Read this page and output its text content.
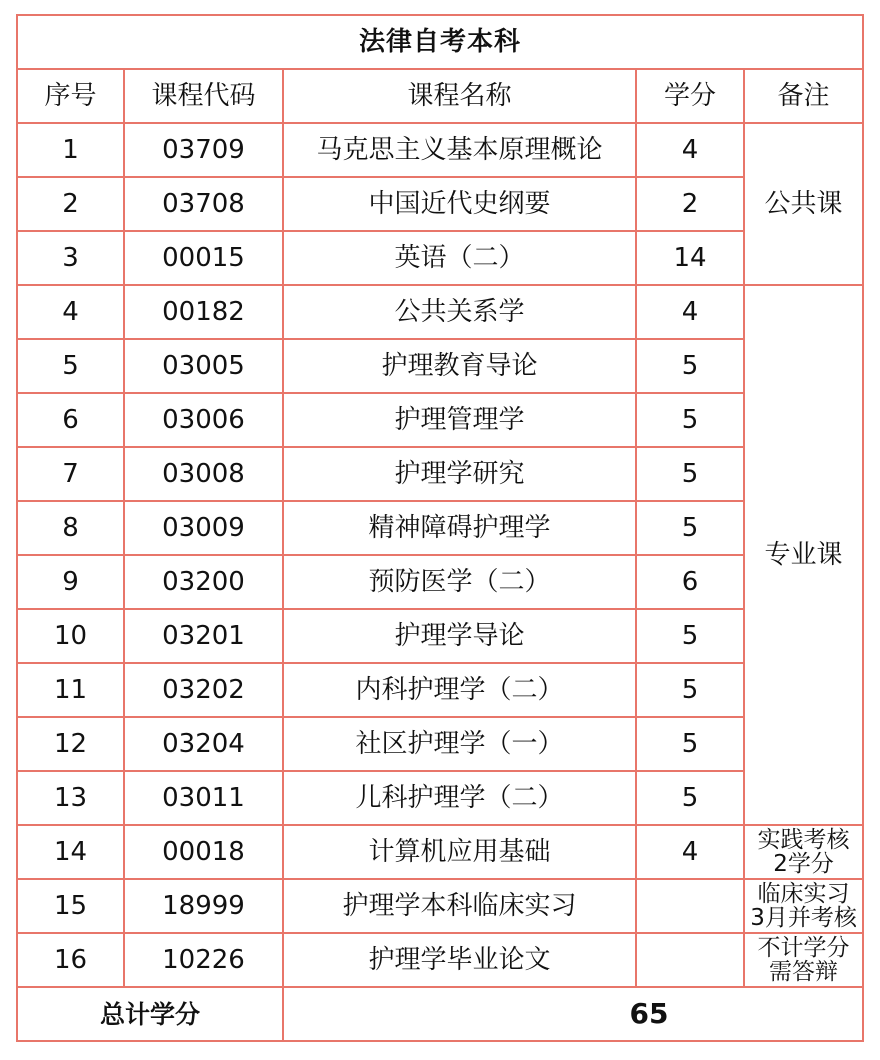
法律自考本科				
序号	课程代码	课程名称	学分	备注
1	03709	马克思主义基本原理概论	4	公共课
2	03708	中国近代史纲要	2	
3	00015	英语（二）	14	
4	00182	公共关系学	4	专业课
5	03005	护理教育导论	5	
6	03006	护理管理学	5	
7	03008	护理学研究	5	
8	03009	精神障碍护理学	5	
9	03200	预防医学（二）	6	
10	03201	护理学导论	5	
11	03202	内科护理学（二）	5	
12	03204	社区护理学（一）	5	
13	03011	儿科护理学（二）	5	
14	00018	计算机应用基础	4	实践考核
2学分

15	18999	护理学本科临床实习		临床实习
3月并考核

16	10226	护理学毕业论文		不计学分
需答辩

总计学分		65		
